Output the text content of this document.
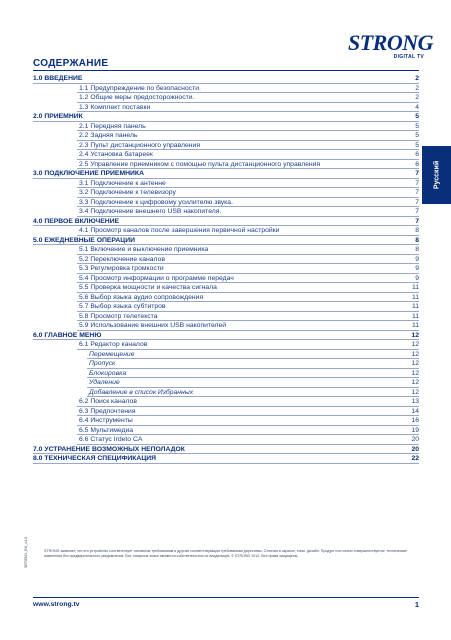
STRONG
DIGITAL TV
СОДЕРЖАНИЕ
1.0 ВВЕДЕНИЕ	2
1.1 Предупреждение по безопасности.	2
1.2 Общие меры предосторожности.	2
1.3 Комплект поставки	4
2.0 ПРИЕМНИК	5
2.1 Передняя панель	5
2.2 Задняя панель	5
2.3 Пульт дистанционного управления	5
2.4 Установка батареек	6
2.5 Управление приемником с помощью пульта дистанционного управления	6
3.0 ПОДКЛЮЧЕНИЕ ПРИЕМНИКА	7
3.1 Подключение к антенне	7
3.2 Подключение к телевизору	7
3.3 Подключение к цифровому усилителю звука.	7
3.4 Подключение внешнего USB накопителя.	7
4.0 ПЕРВОЕ ВКЛЮЧЕНИЕ	7
4.1 Просмотр каналов после завершения первичной настройки	8
5.0 ЕЖЕДНЕВНЫЕ ОПЕРАЦИИ	8
5.1 Включение и выключение приемника	8
5.2 Переключение каналов	9
5.3 Регулировка громкости	9
5.4 Просмотр информации о программе передач	9
5.5 Проверка мощности и качества сигнала	11
5.6 Выбор языка аудио сопровождения	11
5.7 Выбор языка субтитров	11
5.8 Просмотр телетекста	11
5.9 Использование внешних USB накопителей	11
6.0 ГЛАВНОЕ МЕНЮ	12
6.1 Редактор каналов	12
Перемещение	12
Пропуск	12
Блокировка	12
Удаление	12
Добавление в список Избранных	12
6.2 Поиск каналов	13
6.3 Предпочтения	14
6.4 Инструменты	16
6.5 Мультимедиа	19
6.6 Статус Irdeto CA	20
7.0 УСТРАНЕНИЕ ВОЗМОЖНЫХ НЕПОЛАДОК	20
8.0 ТЕХНИЧЕСКАЯ СПЕЦИФИКАЦИЯ	22
Русский
STRONG заявляет, что это устройство соответствует основным требованиям и другим соответствующим требованиям директивы. Отличия в окраске, типы, дизайн. Продукт постоянно совершенствуется, технические изменения без предварительного уведомления. Все товарные знаки являются собственностью их владельцев. © STRONG 2012. Все права защищены.
SRT8503_RU_v1.0
www.strong.tv	1
